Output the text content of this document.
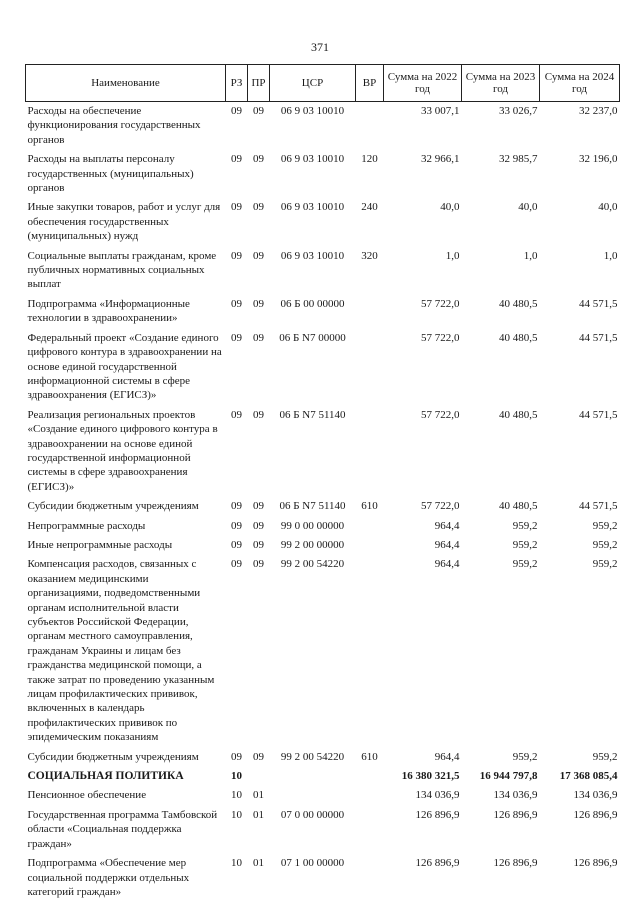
371
Наименование	РЗ	ПР	ЦСР	ВР	Сумма на 2022 год	Сумма на 2023 год	Сумма на 2024 год
Расходы на обеспечение функционирования государственных органов	09	09	06 9 03 10010		33 007,1	33 026,7	32 237,0
Расходы на выплаты персоналу государственных (муниципальных) органов	09	09	06 9 03 10010	120	32 966,1	32 985,7	32 196,0
Иные закупки товаров, работ и услуг для обеспечения государственных (муниципальных) нужд	09	09	06 9 03 10010	240	40,0	40,0	40,0
Социальные выплаты гражданам, кроме публичных нормативных социальных выплат	09	09	06 9 03 10010	320	1,0	1,0	1,0
Подпрограмма «Информационные технологии в здравоохранении»	09	09	06 Б 00 00000		57 722,0	40 480,5	44 571,5
Федеральный проект «Создание единого цифрового контура в здравоохранении на основе единой государственной информационной системы в сфере здравоохранения (ЕГИСЗ)»	09	09	06 Б N7 00000		57 722,0	40 480,5	44 571,5
Реализация региональных проектов «Создание единого цифрового контура в здравоохранении на основе единой государственной информационной системы в сфере здравоохранения (ЕГИСЗ)»	09	09	06 Б N7 51140		57 722,0	40 480,5	44 571,5
Субсидии бюджетным учреждениям	09	09	06 Б N7 51140	610	57 722,0	40 480,5	44 571,5
Непрограммные расходы	09	09	99 0 00 00000		964,4	959,2	959,2
Иные непрограммные расходы	09	09	99 2 00 00000		964,4	959,2	959,2
Компенсация расходов, связанных с оказанием медицинскими организациями, подведомственными органам исполнительной власти субъектов Российской Федерации, органам местного самоуправления, гражданам Украины и лицам без гражданства медицинской помощи, а также затрат по проведению указанным лицам профилактических прививок, включенных в календарь профилактических прививок по эпидемическим показаниям	09	09	99 2 00 54220		964,4	959,2	959,2
Субсидии бюджетным учреждениям	09	09	99 2 00 54220	610	964,4	959,2	959,2
СОЦИАЛЬНАЯ ПОЛИТИКА	10				16 380 321,5	16 944 797,8	17 368 085,4
Пенсионное обеспечение	10	01			134 036,9	134 036,9	134 036,9
Государственная программа Тамбовской области «Социальная поддержка граждан»	10	01	07 0 00 00000		126 896,9	126 896,9	126 896,9
Подпрограмма «Обеспечение мер социальной поддержки отдельных категорий граждан»	10	01	07 1 00 00000		126 896,9	126 896,9	126 896,9
